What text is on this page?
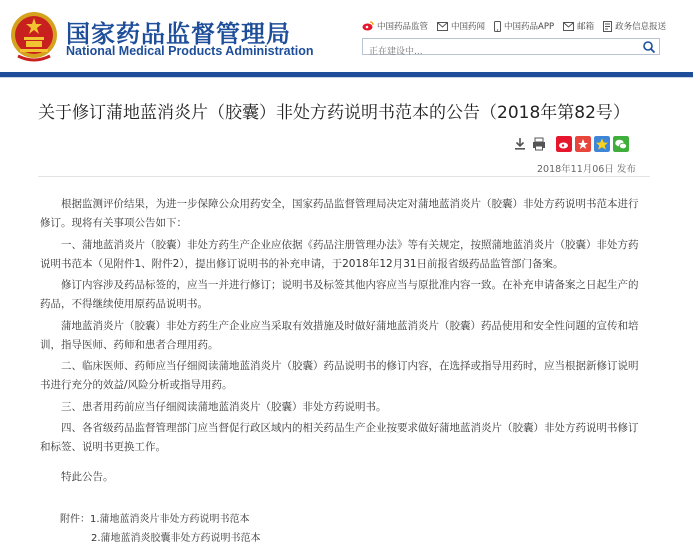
国家药品监督管理局
National Medical Products Administration
中国药品监管	中国药闻 中国药品APP	邮箱 政务信息报送
正在建设中...
关于修订蒲地蓝消炎片（胶囊）非处方药说明书范本的公告（2018年第82号）
2018年11月06日 发布

根据监测评价结果，为进一步保障公众用药安全，国家药品监督管理局决定对蒲地蓝消炎片（胶囊）非处方药说明书范本进行修订。现将有关事项公告如下：

一、蒲地蓝消炎片（胶囊）非处方药生产企业应依据《药品注册管理办法》等有关规定，按照蒲地蓝消炎片（胶囊）非处方药说明书范本（见附件1、附件2），提出修订说明书的补充申请，于2018年12月31日前报省级药品监管部门备案。

修订内容涉及药品标签的，应当一并进行修订；说明书及标签其他内容应当与原批准内容一致。在补充申请备案之日起生产的药品，不得继续使用原药品说明书。

蒲地蓝消炎片（胶囊）非处方药生产企业应当采取有效措施及时做好蒲地蓝消炎片（胶囊）药品使用和安全性问题的宣传和培训，指导医师、药师和患者合理用药。

二、临床医师、药师应当仔细阅读蒲地蓝消炎片（胶囊）药品说明书的修订内容，在选择或指导用药时，应当根据新修订说明书进行充分的效益/风险分析或指导用药。

三、患者用药前应当仔细阅读蒲地蓝消炎片（胶囊）非处方药说明书。

四、各省级药品监督管理部门应当督促行政区域内的相关药品生产企业按要求做好蒲地蓝消炎片（胶囊）非处方药说明书修订和标签、说明书更换工作。

特此公告。

附件：1.蒲地蓝消炎片非处方药说明书范本
2.蒲地蓝消炎胶囊非处方药说明书范本
